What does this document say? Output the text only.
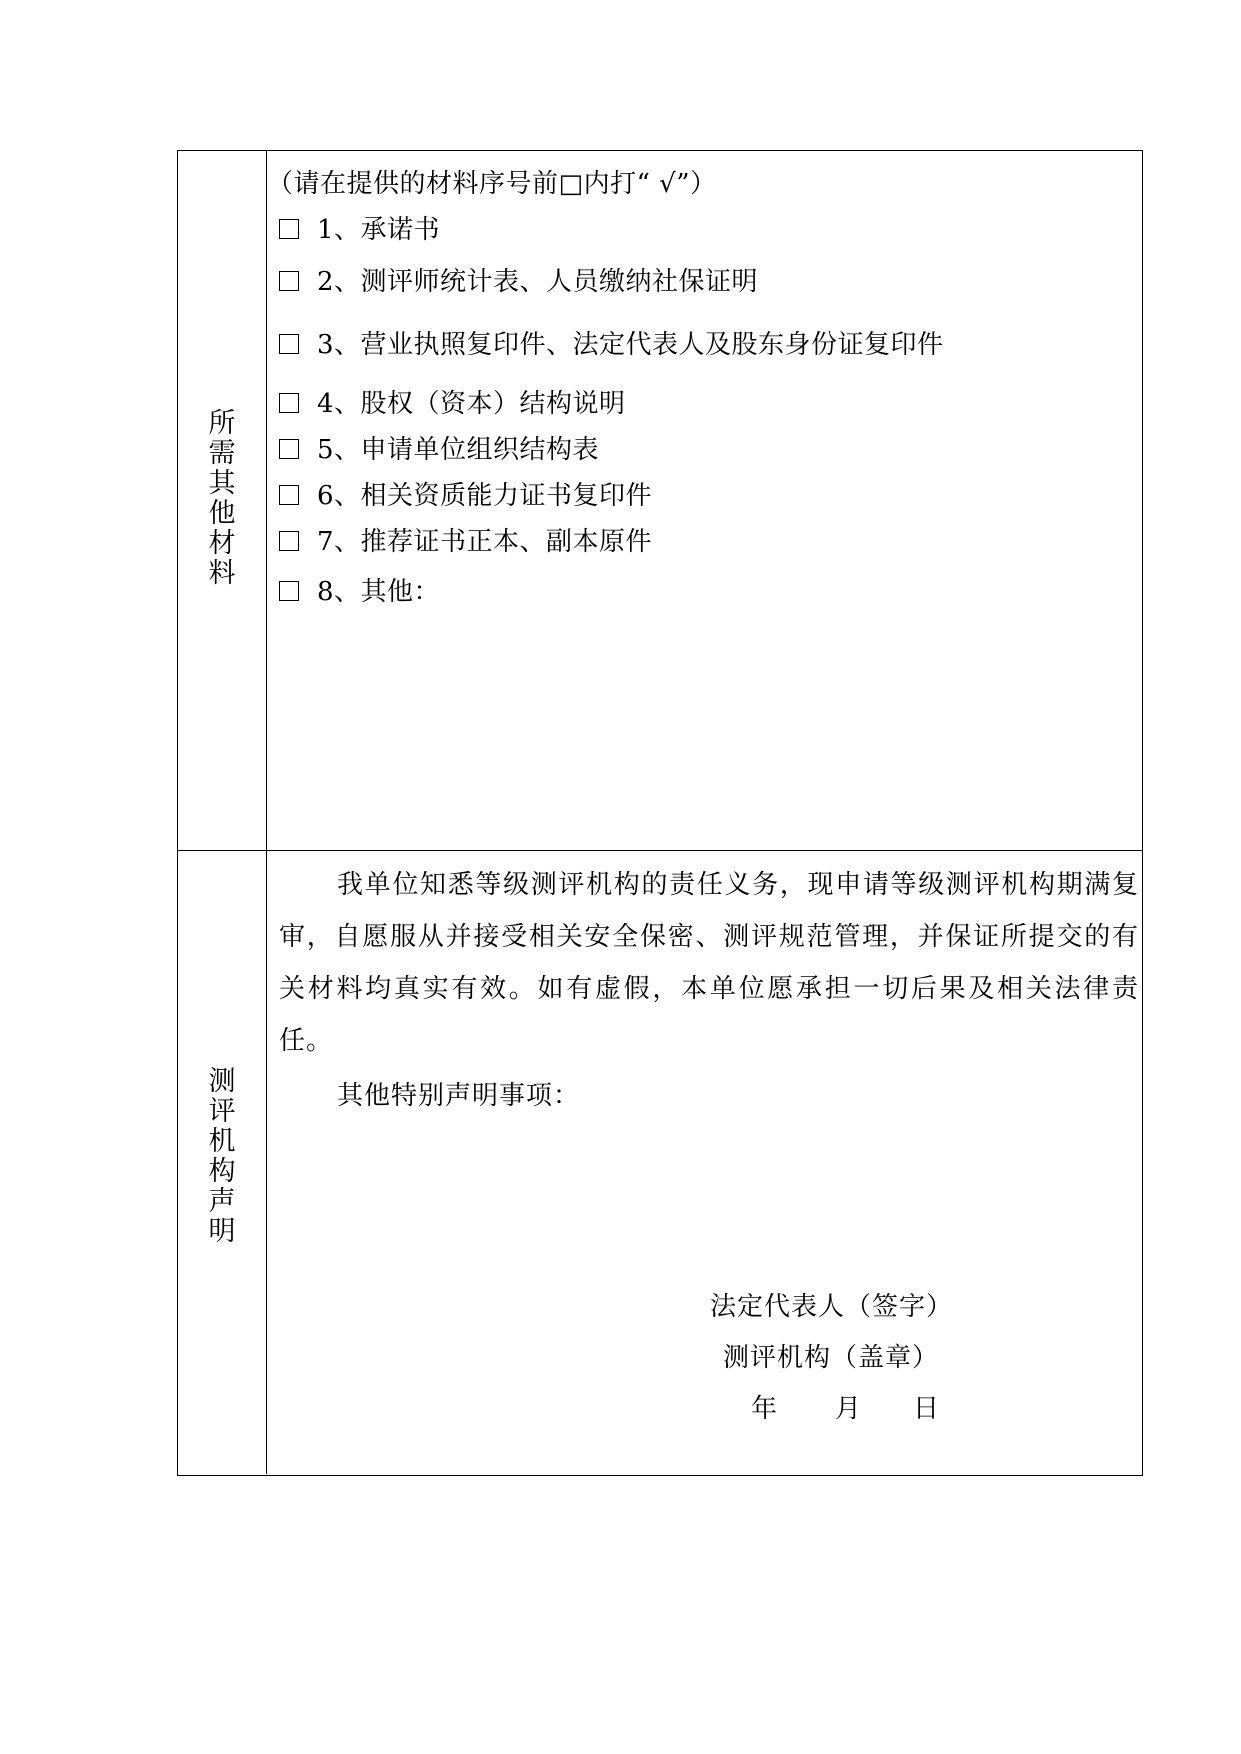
所
需
其
他
材
料
（请在提供的材料序号前□内打“ √”）
1、承诺书
2、测评师统计表、人员缴纳社保证明
3、营业执照复印件、法定代表人及股东身份证复印件
4、股权（资本）结构说明
5、申请单位组织结构表
6、相关资质能力证书复印件
7、推荐证书正本、副本原件
8、其他：
测
评
机
构
声
明
我单位知悉等级测评机构的责任义务，现申请等级测评机构期满复审，自愿服从并接受相关安全保密、测评规范管理，并保证所提交的有关材料均真实有效。如有虚假，本单位愿承担一切后果及相关法律责任。
其他特别声明事项：
法定代表人（签字）
测评机构（盖章）
年 月 日
